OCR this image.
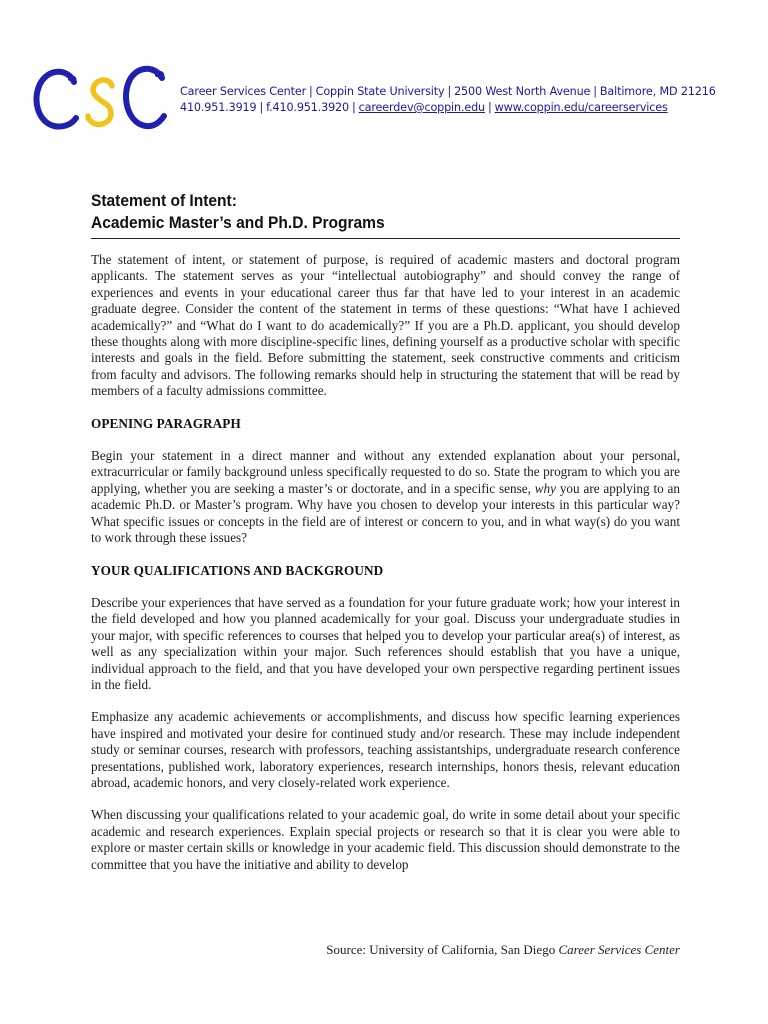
Career Services Center | Coppin State University | 2500 West North Avenue | Baltimore, MD 21216
410.951.3919 | f.410.951.3920 | careerdev@coppin.edu | www.coppin.edu/careerservices
Statement of Intent:
Academic Master’s and Ph.D. Programs

The statement of intent, or statement of purpose, is required of academic masters and doctoral program applicants. The statement serves as your “intellectual autobiography” and should convey the range of experiences and events in your educational career thus far that have led to your interest in an academic graduate degree. Consider the content of the statement in terms of these questions: “What have I achieved academically?” and “What do I want to do academically?” If you are a Ph.D. applicant, you should develop these thoughts along with more discipline-specific lines, defining yourself as a productive scholar with specific interests and goals in the field. Before submitting the statement, seek constructive comments and criticism from faculty and advisors. The following remarks should help in structuring the statement that will be read by members of a faculty admissions committee.

OPENING PARAGRAPH

Begin your statement in a direct manner and without any extended explanation about your personal, extracurricular or family background unless specifically requested to do so. State the program to which you are applying, whether you are seeking a master’s or doctorate, and in a specific sense, why you are applying to an academic Ph.D. or Master’s program. Why have you chosen to develop your interests in this particular way? What specific issues or concepts in the field are of interest or concern to you, and in what way(s) do you want to work through these issues?

YOUR QUALIFICATIONS AND BACKGROUND

Describe your experiences that have served as a foundation for your future graduate work; how your interest in the field developed and how you planned academically for your goal. Discuss your undergraduate studies in your major, with specific references to courses that helped you to develop your particular area(s) of interest, as well as any specialization within your major. Such references should establish that you have a unique, individual approach to the field, and that you have developed your own perspective regarding pertinent issues in the field.

Emphasize any academic achievements or accomplishments, and discuss how specific learning experiences have inspired and motivated your desire for continued study and/or research. These may include independent study or seminar courses, research with professors, teaching assistantships, undergraduate research conference presentations, published work, laboratory experiences, research internships, honors thesis, relevant education abroad, academic honors, and very closely-related work experience.

When discussing your qualifications related to your academic goal, do write in some detail about your specific academic and research experiences. Explain special projects or research so that it is clear you were able to explore or master certain skills or knowledge in your academic field. This discussion should demonstrate to the committee that you have the initiative and ability to develop

Source: University of California, San Diego Career Services Center
